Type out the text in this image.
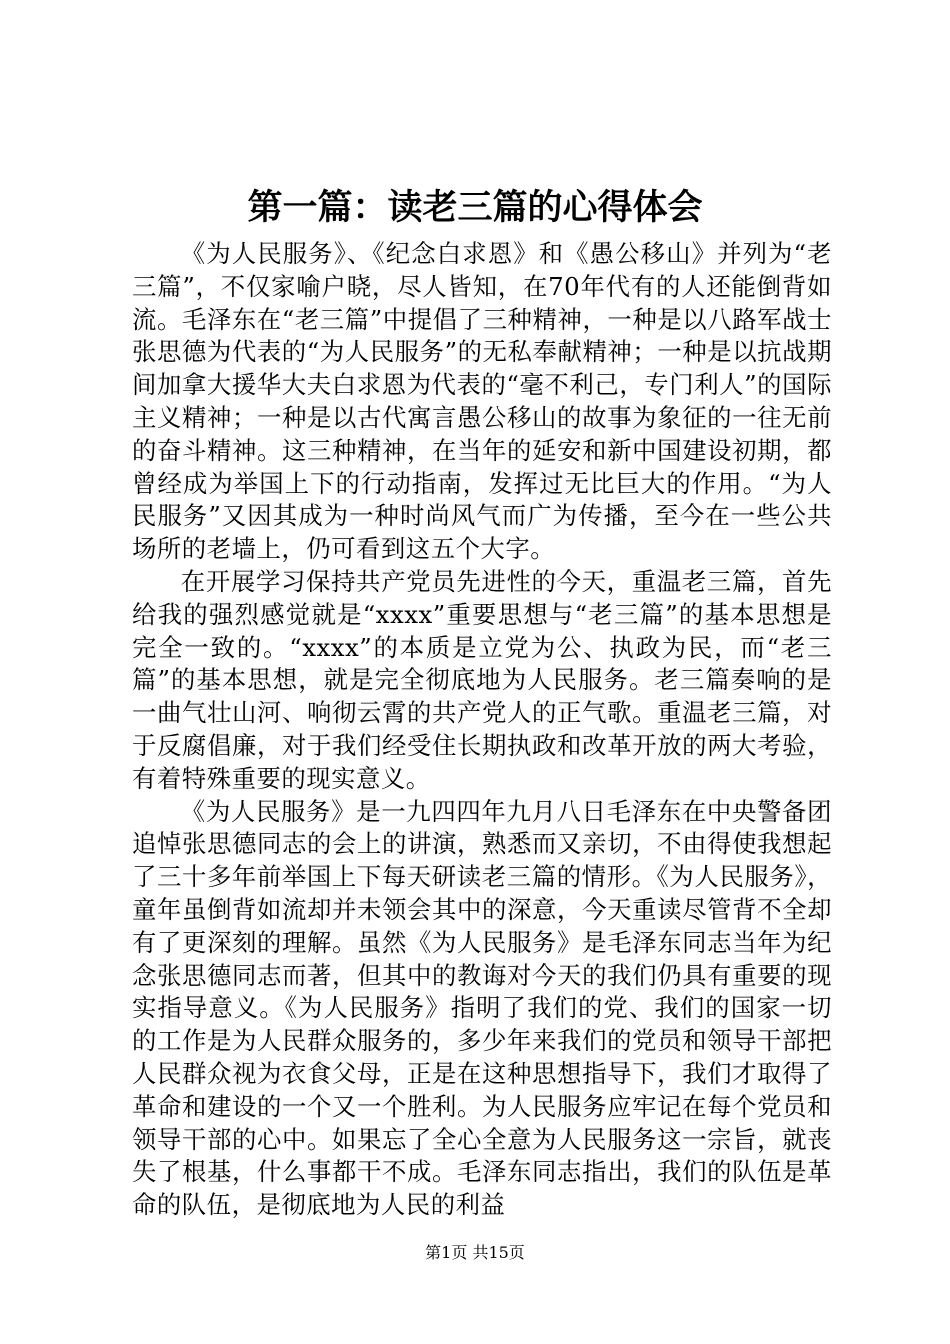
第一篇：读老三篇的心得体会

《为人民服务》、《纪念白求恩》和《愚公移山》并列为“老三篇”，不仅家喻户晓，尽人皆知，在70年代有的人还能倒背如流。毛泽东在“老三篇”中提倡了三种精神，一种是以八路军战士张思德为代表的“为人民服务”的无私奉献精神；一种是以抗战期间加拿大援华大夫白求恩为代表的“毫不利己，专门利人”的国际主义精神；一种是以古代寓言愚公移山的故事为象征的一往无前的奋斗精神。这三种精神，在当年的延安和新中国建设初期，都曾经成为举国上下的行动指南，发挥过无比巨大的作用。“为人民服务”又因其成为一种时尚风气而广为传播，至今在一些公共场所的老墙上，仍可看到这五个大字。

在开展学习保持共产党员先进性的今天，重温老三篇，首先给我的强烈感觉就是“xxxx”重要思想与“老三篇”的基本思想是完全一致的。“xxxx”的本质是立党为公、执政为民，而“老三篇”的基本思想，就是完全彻底地为人民服务。老三篇奏响的是一曲气壮山河、响彻云霄的共产党人的正气歌。重温老三篇，对于反腐倡廉，对于我们经受住长期执政和改革开放的两大考验，有着特殊重要的现实意义。

《为人民服务》是一九四四年九月八日毛泽东在中央警备团追悼张思德同志的会上的讲演，熟悉而又亲切，不由得使我想起了三十多年前举国上下每天研读老三篇的情形。《为人民服务》，童年虽倒背如流却并未领会其中的深意，今天重读尽管背不全却有了更深刻的理解。虽然《为人民服务》是毛泽东同志当年为纪念张思德同志而著，但其中的教诲对今天的我们仍具有重要的现实指导意义。《为人民服务》指明了我们的党、我们的国家一切的工作是为人民群众服务的，多少年来我们的党员和领导干部把人民群众视为衣食父母，正是在这种思想指导下，我们才取得了革命和建设的一个又一个胜利。为人民服务应牢记在每个党员和领导干部的心中。如果忘了全心全意为人民服务这一宗旨，就丧失了根基，什么事都干不成。毛泽东同志指出，我们的队伍是革命的队伍，是彻底地为人民的利益

第1页 共15页
